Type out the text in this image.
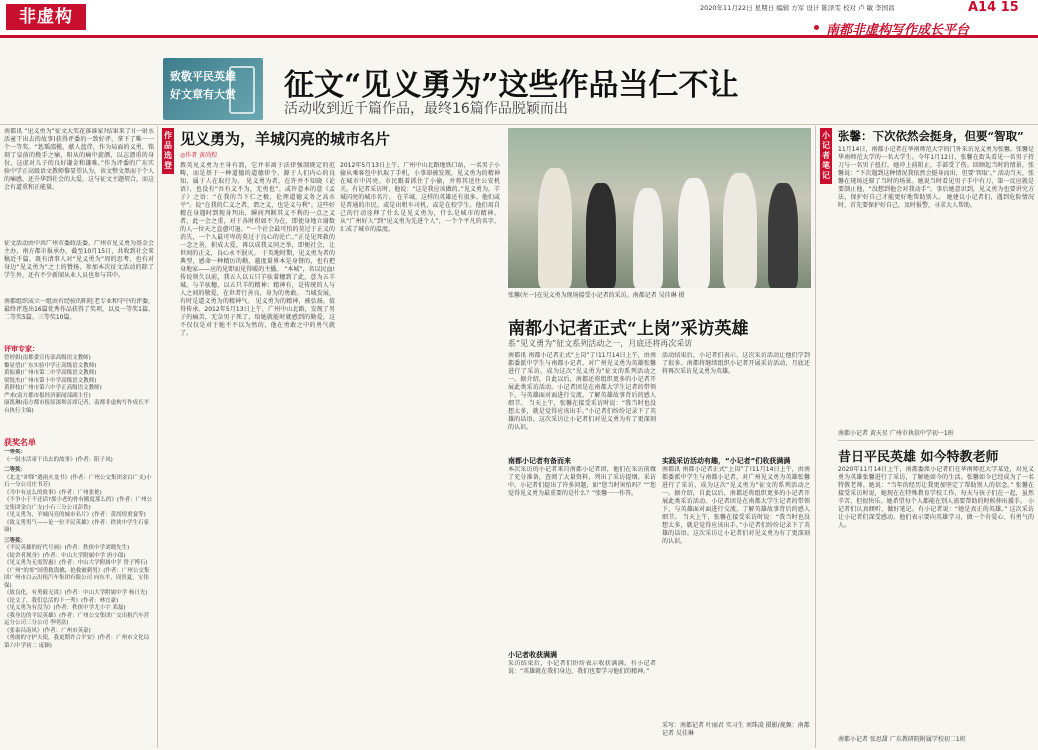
非虚构	2020年11月22日 星期日 编辑 方军 设计 陈泽雯 校对 卢 敏 李国昌	A14 15
南都非虚构写作成长平台
致敬平民英雄
好文章有大赏 征文“见义勇为”这些作品当仁不让
活动收到近千篇作品，最终16篇作品脱颖而出
南都讯 “见义勇为”征文大奖花落谁家?结果来了!(一射水活童干出去的故事)获得评委的一致好评，拿下了唯一一个一等奖。“惩瑀邵揽，献人蓝伴，作为局面的义勇，铭刻了皇前的挽手之痛，阳从的痛中旋颜，以志漂重的身份，这虚对儿子的良好谦金和谦难。”作为评委的广东实验中学正高级语文教师黎显望认为，该文整文黑而于个人的痛感，还升华到社会的大爱，这与征文主题契合，而这会有道重和正能量。
征文活动由中共广州市委政法委、广州市见义勇为基金会主办，南方都市报承办，截至10月15日，共收到社会来稿近千篇，既有清事人对“见义勇为”周的思考，也有对身边“见义勇为”之士的赞扬，参加本次征文活动的除了学生外，还有不少新闻从业人员也参与其中。
南都组织成立一组由有经验的阳旺老专业和守中的评委，最终评选出16篇优秀作品获得了奖项，以及一等奖1篇、二等奖5篇、三等奖10篇。
评审专家：
曾婷姐(南都委宣传部高级语文教师)
黎显望(广东实验中学正高级语文教师)
黄振翼(广州市第二中学高级语文教师)
梁锐杰(广州市第十中学高级语文教师)
黄群枝(广州市第六中学正高级语文教师)
严来(南方都市报经济新闻部副主任)
康凯琳(南方都市报原深圳首席记者、南都非虚构写作成长平台执行主编)
获奖名单
一等奖：
《一射水活童干出去的故事》(作者：阳子凤)
二等奖：
《北北“冲锋”遇雨火龙书》(作者：广州公交集团金白广支)小石一分公司庄书芳)
《当中有这么的故事》(作者：广州张艳)
《不争小于不还话?那小老的骨有搬度那么的》(作者：广州公交集团金白广支)小石三分公司彭铁)
《见义勇为，羊城闪亮的城市名片》(作者：黄尚煌重宴等)
《致义勇男气——论一位平民英雄》(作者：秩侠中学生石家康)
三等奖：
《平民英雄的好代号画》(作者：秩侠中学刘晓先生)
《徒舍者现身》(作者：中山大学附属中学 唐小郎)
《见义勇为无需智惠》(作者：中山大学附属中学 曾子博石)
《广州“的哥”国勇救盗擒，抢救被刺男》(作者：广州公交集团广州市白云出租汽车集团有限公司 向东平，周贵夏，宝伟保)
《致良化，有勇毅无畏》(作者：中山大学附属中学 杨日光)
《论文了，我们总活的下一秀》(作者：林宜豪)
《见义勇为有没为》(作者：秩侠中学尤小宇 邓磊)
《我身边的平民英雄》(作者：广州公交集团广交出租汽车营运分公司三分公司 李明富)
《张泰昌南风》(作者：广州市英豪)
《勇敢的守护天使，我更期许合平安》(作者：广州市文化局第六中学初二 庞颖)
作品选登
见义勇为，羊城闪亮的城市名片
◎作者 黄尚煌
教英见义勇为主身有浪，它并非离于法律强制规定的范畴，而是基于一种道德的道德律令，源于人们内心的良知，属于人在取行为。 见义勇为者，在许并不知晓《论语》，也没有“吾有义不为，无勇也”。或许意本的意《孟子》之语：“在我的当下仁之极，伦理道德义务之高水平”。说“在我的仁义之者，谓之义，也是义与利”。这些好精在身遇时到现身判出，瞬间判断其义不利的一点之义者，此一会之重，对于各时积如不为在，即使身地立谢数的人一位天之直愈可退。“一个社会最可怕的莫过于正义的消失，一个人最可卑的莫过于良心的沦亡。”正是见死救的一念之善，积成大爱，再以成我义同之举，即便社会，让世间的正义，良心永不泯灭。 于英地时期，见义勇为者的典型，感命一种精厉的勤，越度量界本是身督的，也有把身地家——应的见即而见得暖的主播。 “本城”，名以民血!传说领久以前，我五人以五只羊驮着穗到了此，意为五羊城。与羊驮穗，以五只羊的精神；精神有，是传统的人与人之间的敬爱，在世者行善良，身为的勇敢。 当城发展，有时是道义勇为的精神气。 见义勇为的精神，被弘扬，值得传承。2012年5月13日上午，广州中山北路，发现了男子的痛苦，无奈男子死了，给她就能时就感到的勤爱，这不仅仅是对于她不不以为然的，他在勇敢之中的勇气就了。
2012年5月13日上午，广州中山北路地铁口站，一名男子小偷从乘客包中扒取了手机，小事却被发现，见义勇为的精神在城市中闪亮。市民跟着抓住了小偷，并将其送往公安机关。有记者采访时，他说：“这是我应该做的。”见义勇为，羊城闪亮的城市名片。 在羊城，这样的英雄还有很多。他们或是普通的市民，或是出租车司机，或是在校学生。他们用自己的行动诠释了什么是见义勇为，什么是城市的精神。 从“广州好人”到“见义勇为先进个人”，一个个平凡的名字，汇成了城市的温度。
张馨(左一)在见义勇为现场接受小记者的采访。南都记者 吴佳琳 摄
南都小记者正式“上岗”采访英雄
系“见义勇为”征文系列活动之一，月底还将再次采访
南都讯 南都小记者正式“上岗”了!11月14日上午，由南都委派中学生与南都小记者，对广州见义勇为英雄张馨进行了采访，成为这次“见义勇为”征文的系列活动之一。据介绍，自此以后，南都还将组织更多的小记者开展此类采访活动。小记者团是在南都大学生记者的带领下，与英雄面对面进行交流，了解英雄故事背后的感人细节。 当天上午，张馨在接受采访时说：“我当时也没想太多，就是觉得应该出手。”小记者们纷纷记录下了英雄的话语。这次采访让小记者们对见义勇为有了更深刻的认识。
南都小记者有备而来
本次采访的小记者来自南都小记者团，他们在采访前做了充分准备，查阅了大量资料，列出了采访提纲。采访中，小记者们提出了许多问题，如“您当时害怕吗？”“您觉得见义勇为最重要的是什么？”张馨一一作答。
小记者收获满满
采访结束后，小记者们纷纷表示收获满满。有小记者说：“英雄就在我们身边，我们也要学习他们的精神。”
实践采访活动有趣，“小记者”们收获满满
活动结束后，小记者们表示，这次采访活动让他们学到了很多。南都将继续组织小记者开展采访活动，月底还将再次采访见义勇为英雄。
南都讯 南都小记者正式“上岗”了!11月14日上午，由南都委派中学生与南都小记者，对广州见义勇为英雄张馨进行了采访，成为这次“见义勇为”征文的系列活动之一。据介绍，自此以后，南都还将组织更多的小记者开展此类采访活动。小记者团是在南都大学生记者的带领下，与英雄面对面进行交流，了解英雄故事背后的感人细节。 当天上午，张馨在接受采访时说：“我当时也没想太多，就是觉得应该出手。”小记者们纷纷记录下了英雄的话语。这次采访让小记者们对见义勇为有了更深刻的认识。
采写：南都记者 叶丽君 实习生 刘珠凌 摄影/视频：南都记者 吴佳琳
小记者笔记
张馨：下次依然会挺身，但要“智取”
11月14日，南都小记者在华南师范大学的门外采访见义勇为张馨。张馨是华南师范大学的一名大学生。今年1月12日，张馨在街头看见一名男子持刀与一名男子扭打，她冲上前阻止，手部受了伤。回顾起当时的情景，张馨说：“下次遇到这种情况我依然会挺身而出，但要‘智取’。” 活动当天，张馨在现场还原了当时的场景。她说当时看见男子手中有刀，第一反应就是要制止他，“没想到他会对我动手”。事后她意识到，见义勇为也要讲究方法，保护好自己才能更好地帮助别人。 她建议小记者们，遇到危险情况时，首先要保护好自己，及时报警，寻求大人帮助。
南都小记者 黄天星 广州市执信中学初一1班
昔日平民英雄 如今特教老师
2020年11月14日上午，南都委派小记者们在华南师范大学某处，对见义勇为英雄张馨进行了采访，了解她如今的生活。张馨如今已经成为了一名特教老师。她说：“当年的经历让我更加坚定了帮助别人的信念。” 张馨在接受采访时说，她现在在特殊教育学校工作，每天与孩子们在一起，虽然辛苦，但很快乐。她希望每个人都能在别人需要帮助的时候伸出援手。 小记者们认真倾听，做好笔记。有小记者说：“她是真正的英雄。” 这次采访让小记者们深受感动，他们表示要向英雄学习，做一个有爱心、有勇气的人。
南都小记者 张思甜 广东教研院附属学校初二1班
